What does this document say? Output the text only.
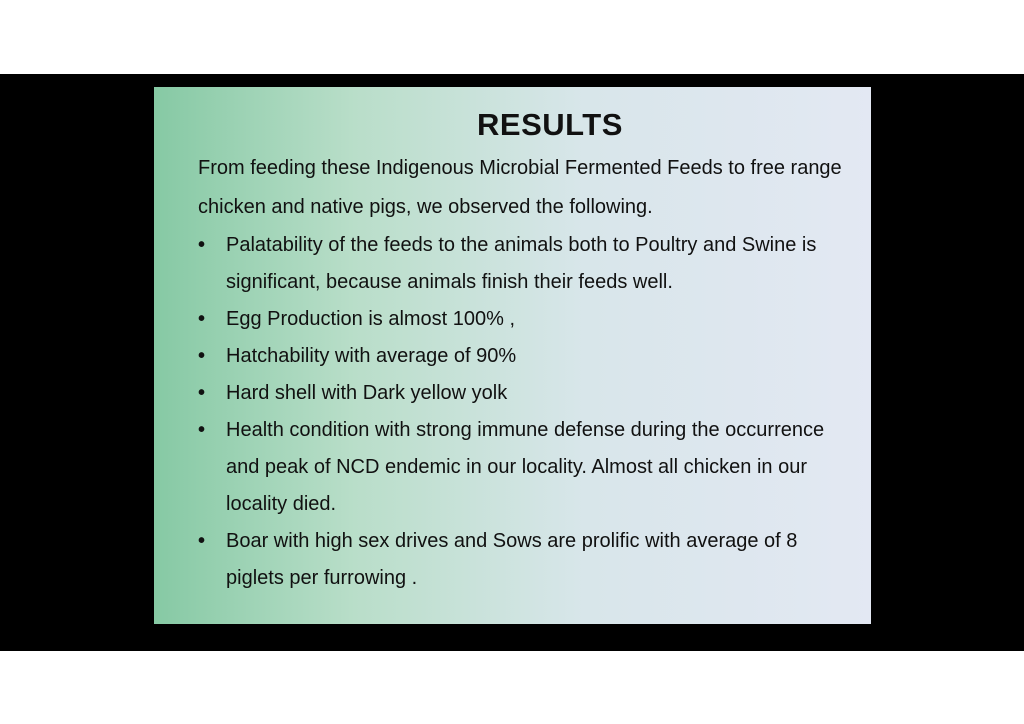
RESULTS

From feeding these Indigenous Microbial Fermented Feeds to free range chicken and native pigs, we observed the following.

• Palatability of the feeds to the animals both to Poultry and Swine is significant, because animals finish their feeds well.
• Egg Production is almost 100% ,
• Hatchability with average of 90%
• Hard shell with Dark yellow yolk
• Health condition with strong immune defense during the occurrence and peak of NCD endemic in our locality. Almost all chicken in our locality died.
• Boar with high sex drives and Sows are prolific with average of 8 piglets per furrowing .
